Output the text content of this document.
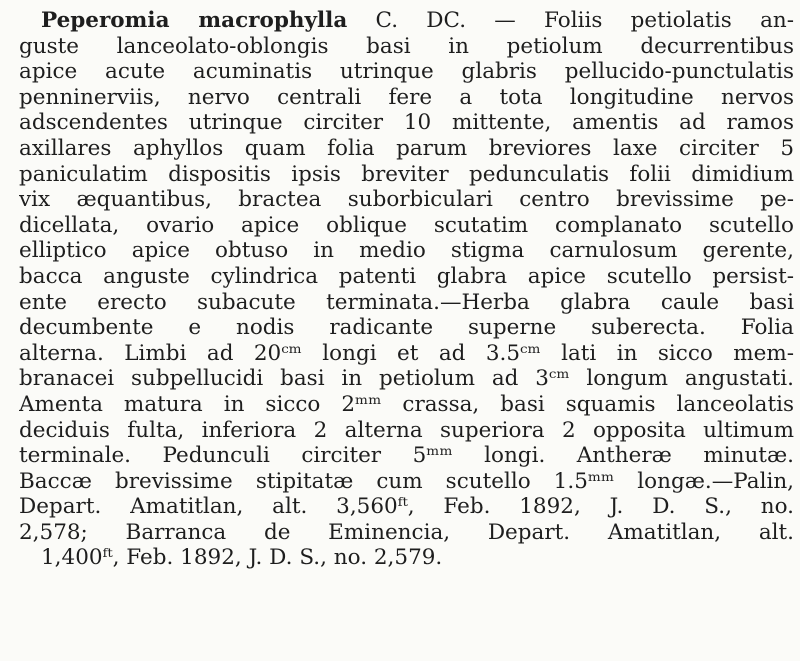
Peperomia macrophylla C. DC. — Foliis petiolatis an-
guste lanceolato-oblongis basi in petiolum decurrentibus
apice acute acuminatis utrinque glabris pellucido-punctulatis
penninerviis, nervo centrali fere a tota longitudine nervos
adscendentes utrinque circiter 10 mittente, amentis ad ramos
axillares aphyllos quam folia parum breviores laxe circiter 5
paniculatim dispositis ipsis breviter pedunculatis folii dimidium
vix æquantibus, bractea suborbiculari centro brevissime pe-
dicellata, ovario apice oblique scutatim complanato scutello
elliptico apice obtuso in medio stigma carnulosum gerente,
bacca anguste cylindrica patenti glabra apice scutello persist-
ente erecto subacute terminata.—Herba glabra caule basi
decumbente e nodis radicante superne suberecta. Folia
alterna. Limbi ad 20ᶜᵐ longi et ad 3.5ᶜᵐ lati in sicco mem-
branacei subpellucidi basi in petiolum ad 3ᶜᵐ longum angustati.
Amenta matura in sicco 2ᵐᵐ crassa, basi squamis lanceolatis
deciduis fulta, inferiora 2 alterna superiora 2 opposita ultimum
terminale. Pedunculi circiter 5ᵐᵐ longi. Antheræ minutæ.
Baccæ brevissime stipitatæ cum scutello 1.5ᵐᵐ longæ.—Palin,
Depart. Amatitlan, alt. 3,560ᶠᵗ, Feb. 1892, J. D. S., no.
2,578; Barranca de Eminencia, Depart. Amatitlan, alt.
1,400ᶠᵗ, Feb. 1892, J. D. S., no. 2,579.
